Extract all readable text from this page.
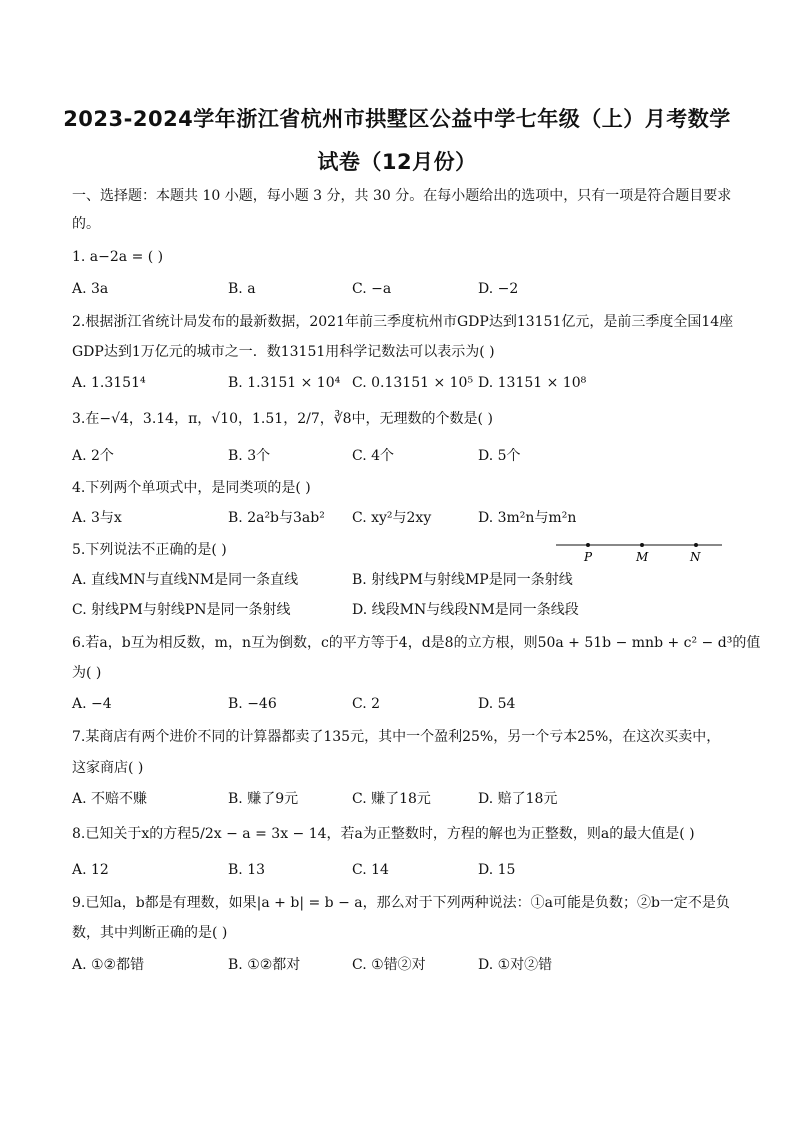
2023-2024学年浙江省杭州市拱墅区公益中学七年级（上）月考数学
试卷（12月份）
一、选择题：本题共 10 小题，每小题 3 分，共 30 分。在每小题给出的选项中，只有一项是符合题目要求
的。
1. a−2a = ( )
A. 3a	B. a	C. −a	D. −2
2.根据浙江省统计局发布的最新数据，2021年前三季度杭州市GDP达到13151亿元，是前三季度全国14座
GDP达到1万亿元的城市之一．数13151用科学记数法可以表示为( )
A. 1.3151⁴	B. 1.3151 × 10⁴ C. 0.13151 × 10⁵ D. 13151 × 10⁸
3.在−√4，3.14，π，√10，1.51，2/7，∛8中，无理数的个数是( )
A. 2个	B. 3个	C. 4个	D. 5个
4.下列两个单项式中，是同类项的是( )
A. 3与x	B. 2a²b与3ab² C. xy²与2xy	D. 3m²n与m²n
5.下列说法不正确的是( )	P	M	N
A. 直线MN与直线NM是同一条直线	B. 射线PM与射线MP是同一条射线
C. 射线PM与射线PN是同一条射线	D. 线段MN与线段NM是同一条线段
6.若a，b互为相反数，m，n互为倒数，c的平方等于4，d是8的立方根，则50a + 51b − mnb + c² − d³的值
为( )
A. −4	B. −46	C. 2	D. 54
7.某商店有两个进价不同的计算器都卖了135元，其中一个盈利25%，另一个亏本25%，在这次买卖中，
这家商店( )
A. 不赔不赚	B. 赚了9元	C. 赚了18元	D. 赔了18元
8.已知关于x的方程5/2x − a = 3x − 14，若a为正整数时，方程的解也为正整数，则a的最大值是( )
A. 12	B. 13	C. 14	D. 15
9.已知a，b都是有理数，如果|a + b| = b − a，那么对于下列两种说法：①a可能是负数；②b一定不是负
数，其中判断正确的是( )
A. ①②都错	B. ①②都对	C. ①错②对	D. ①对②错
